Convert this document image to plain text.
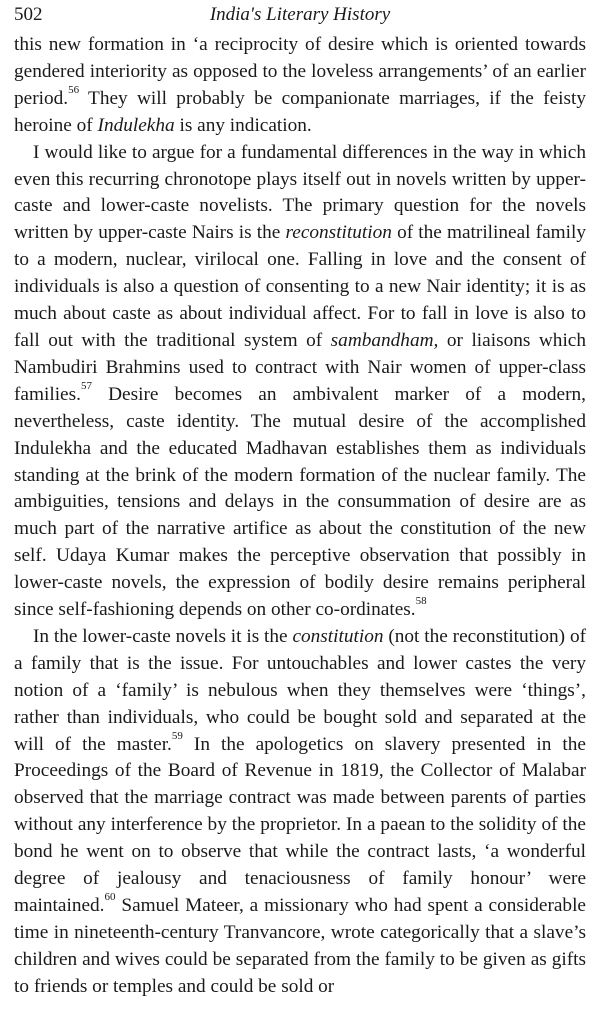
502	India's Literary History

this new formation in ‘a reciprocity of desire which is oriented towards gendered interiority as opposed to the loveless arrangements’ of an earlier period.$^{56}$ They will probably be companionate marriages, if the feisty heroine of Indulekha is any indication.

I would like to argue for a fundamental differences in the way in which even this recurring chronotope plays itself out in novels written by upper-caste and lower-caste novelists. The primary question for the novels written by upper-caste Nairs is the reconstitution of the matrilineal family to a modern, nuclear, virilocal one. Falling in love and the consent of individuals is also a question of consenting to a new Nair identity; it is as much about caste as about individual affect. For to fall in love is also to fall out with the traditional system of sambandham, or liaisons which Nambudiri Brahmins used to contract with Nair women of upper-class families.$^{57}$ Desire becomes an ambivalent marker of a modern, nevertheless, caste identity. The mutual desire of the accomplished Indulekha and the educated Madhavan establishes them as individuals standing at the brink of the modern formation of the nuclear family. The ambiguities, tensions and delays in the consummation of desire are as much part of the narrative artifice as about the constitution of the new self. Udaya Kumar makes the perceptive observation that possibly in lower-caste novels, the expression of bodily desire remains peripheral since self-fashioning depends on other co-ordinates.$^{58}$

In the lower-caste novels it is the constitution (not the reconstitution) of a family that is the issue. For untouchables and lower castes the very notion of a ‘family’ is nebulous when they themselves were ‘things’, rather than individuals, who could be bought sold and separated at the will of the master.$^{59}$ In the apologetics on slavery presented in the Proceedings of the Board of Revenue in 1819, the Collector of Malabar observed that the marriage contract was made between parents of parties without any interference by the proprietor. In a paean to the solidity of the bond he went on to observe that while the contract lasts, ‘a wonderful degree of jealousy and tenaciousness of family honour’ were maintained.$^{60}$ Samuel Mateer, a missionary who had spent a considerable time in nineteenth-century Tranvancore, wrote categorically that a slave’s children and wives could be separated from the family to be given as gifts to friends or temples and could be sold or
